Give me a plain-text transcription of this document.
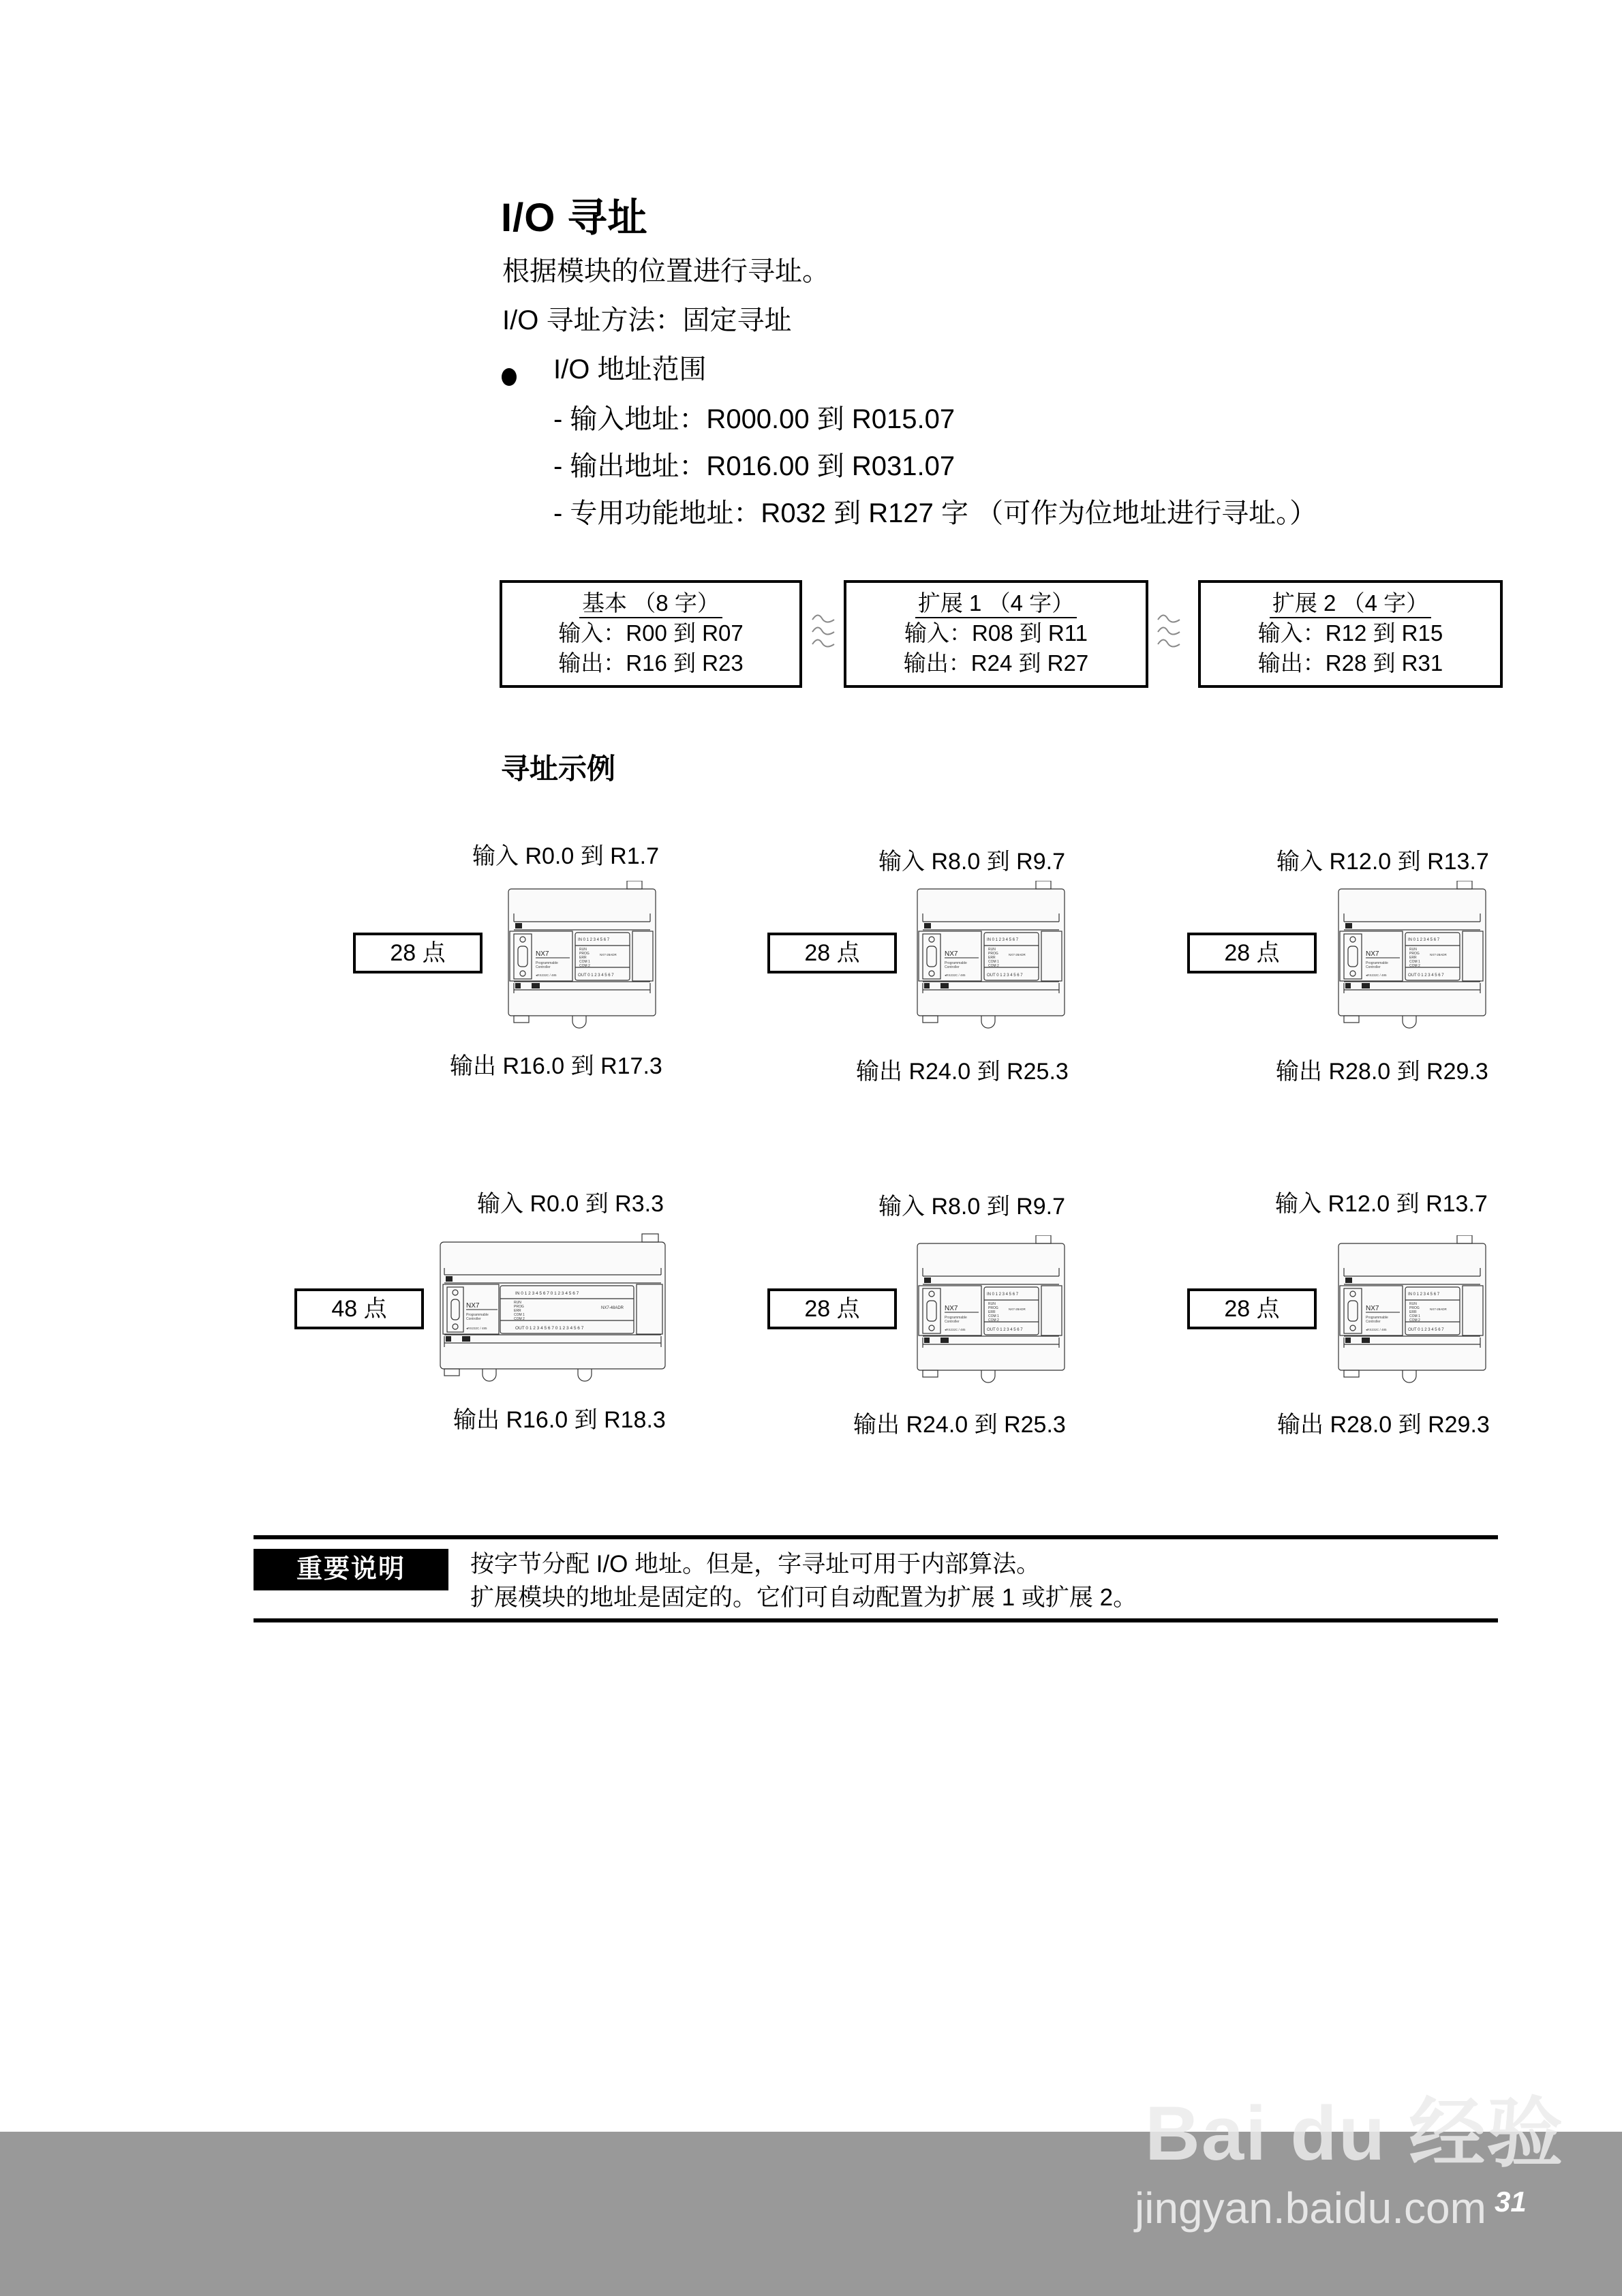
I/O 寻址
根据模块的位置进行寻址。
I/O 寻址方法：固定寻址
I/O 地址范围
- 输入地址：R000.00 到 R015.07
- 输出地址：R016.00 到 R031.07
- 专用功能地址：R032 到 R127 字 （可作为位地址进行寻址。）
基本 （8 字）
输入：R00 到 R07
输出：R16 到 R23
扩展 1 （4 字）
输入：R08 到 R11
输出：R24 到 R27
扩展 2 （4 字）
输入：R12 到 R15
输出：R28 到 R31
寻址示例
输入 R0.0 到 R1.7
28 点	NX7
Programmable
Controller
◂RS232C / 485
IN 0 1 2 3 4 5 6 7
RUN
PROG
ERR
COM 1
COM 2
NX7-28ADR
OUT 0 1 2 3 4 5 6 7
输出 R16.0 到 R17.3
输入 R8.0 到 R9.7
28 点	NX7
Programmable
Controller
◂RS232C / 485
IN 0 1 2 3 4 5 6 7
RUN
PROG
ERR
COM 1
COM 2
NX7-28ADR
OUT 0 1 2 3 4 5 6 7
输出 R24.0 到 R25.3
输入 R12.0 到 R13.7
28 点	NX7
Programmable
Controller
◂RS232C / 485
IN 0 1 2 3 4 5 6 7
RUN
PROG
ERR
COM 1
COM 2
NX7-28ADR
OUT 0 1 2 3 4 5 6 7
输出 R28.0 到 R29.3
输入 R0.0 到 R3.3
48 点	NX7
Programmable
Controller
◂RS232C / 485
IN 0 1 2 3 4 5 6 7 0 1 2 3 4 5 6 7
RUN
PROG
ERR
COM 1
COM 2
NX7-48ADR
OUT 0 1 2 3 4 5 6 7 0 1 2 3 4 5 6 7
输出 R16.0 到 R18.3
输入 R8.0 到 R9.7
28 点	NX7
Programmable
Controller
◂RS232C / 485
IN 0 1 2 3 4 5 6 7
RUN
PROG
ERR
COM 1
COM 2
NX7-28ADR
OUT 0 1 2 3 4 5 6 7
输出 R24.0 到 R25.3
输入 R12.0 到 R13.7
28 点	NX7
Programmable
Controller
◂RS232C / 485
IN 0 1 2 3 4 5 6 7
RUN
PROG
ERR
COM 1
COM 2
NX7-28ADR
OUT 0 1 2 3 4 5 6 7
输出 R28.0 到 R29.3
重要说明	按字节分配 I/O 地址。但是，字寻址可用于内部算法。
扩展模块的地址是固定的。它们可自动配置为扩展 1 或扩展 2。
Bai du 经验
jingyan.baidu.com 31
